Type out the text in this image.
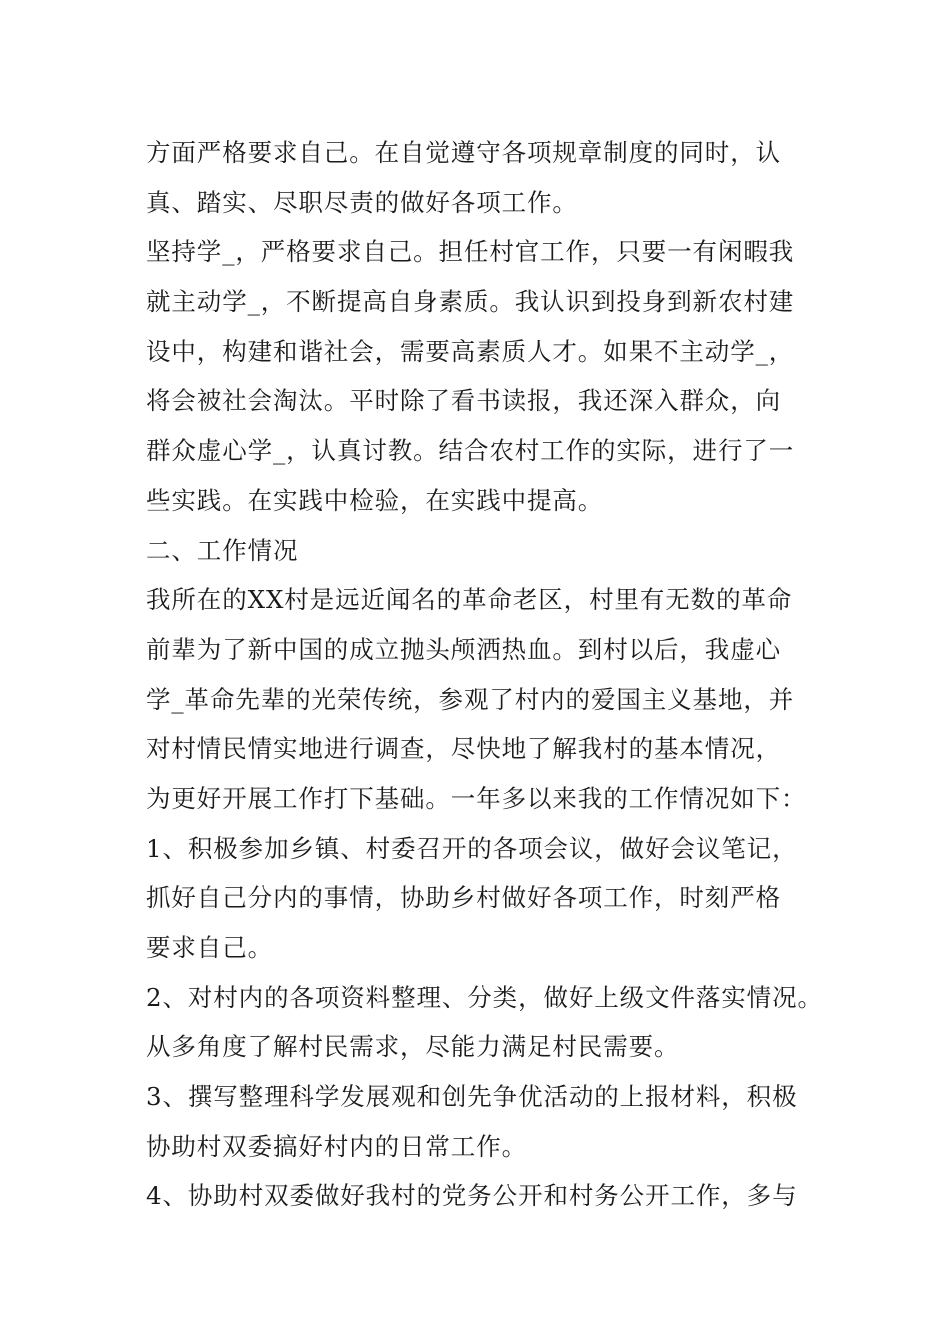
方面严格要求自己。在自觉遵守各项规章制度的同时，认
真、踏实、尽职尽责的做好各项工作。
坚持学_，严格要求自己。担任村官工作，只要一有闲暇我
就主动学_，不断提高自身素质。我认识到投身到新农村建
设中，构建和谐社会，需要高素质人才。如果不主动学_，
将会被社会淘汰。平时除了看书读报，我还深入群众，向
群众虚心学_，认真讨教。结合农村工作的实际，进行了一
些实践。在实践中检验，在实践中提高。
二、工作情况
我所在的XX村是远近闻名的革命老区，村里有无数的革命
前辈为了新中国的成立抛头颅洒热血。到村以后，我虚心
学_革命先辈的光荣传统，参观了村内的爱国主义基地，并
对村情民情实地进行调查，尽快地了解我村的基本情况，
为更好开展工作打下基础。一年多以来我的工作情况如下：
1、积极参加乡镇、村委召开的各项会议，做好会议笔记，
抓好自己分内的事情，协助乡村做好各项工作，时刻严格
要求自己。
2、对村内的各项资料整理、分类，做好上级文件落实情况。
从多角度了解村民需求，尽能力满足村民需要。
3、撰写整理科学发展观和创先争优活动的上报材料，积极
协助村双委搞好村内的日常工作。
4、协助村双委做好我村的党务公开和村务公开工作，多与
